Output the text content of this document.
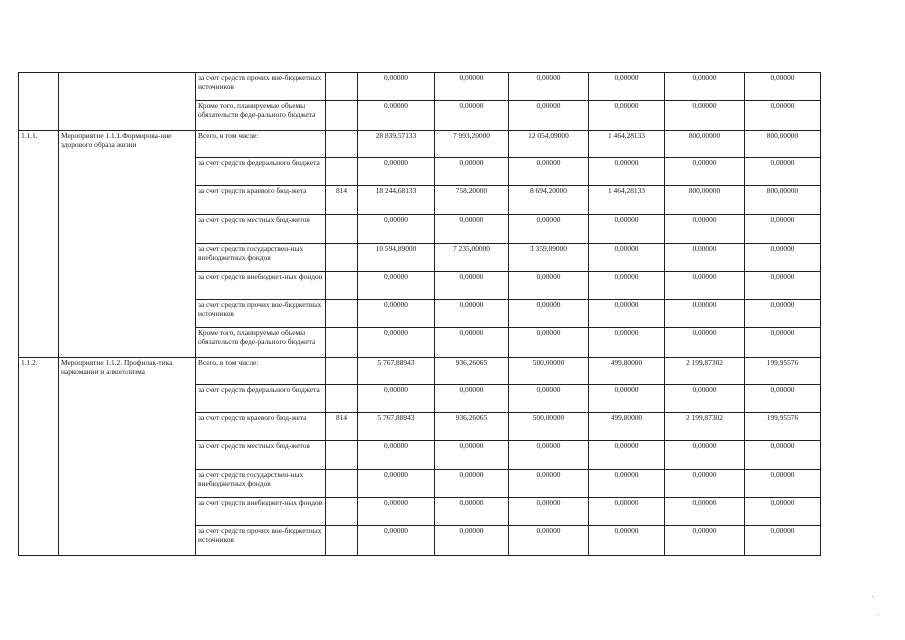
		за счет средств прочих вне-бюджетных источников		0,00000	0,00000	0,00000	0,00000	0,00000	0,00000
		Кроме того, планируемые объемы обязательств феде-рального бюджета		0,00000	0,00000	0,00000	0,00000	0,00000	0,00000
1.1.1.	Мероприятие 1.1.1.Формирова-ние здорового образа жизни	Всего, в том числе:		28 839,57133	7 993,20000	12 054,09000	1 464,28133	800,00000	800,00000
		за счет средств федерального бюджета		0,00000	0,00000	0,00000	0,00000	0,00000	0,00000
		за счет средств краевого бюд-жета	814	18 244,68133	758,20000	8 694,20000	1 464,28133	800,00000	800,00000
		за счет средств местных бюд-жетов		0,00000	0,00000	0,00000	0,00000	0,00000	0,00000
		за счет средств государствен-ных внебюджетных фондов		10 594,89000	7 235,00000	3 359,89000	0,00000	0,00000	0,00000
		за счет средств внебюджет-ных фондов		0,00000	0,00000	0,00000	0,00000	0,00000	0,00000
		за счет средств прочих вне-бюджетных источников		0,00000	0,00000	0,00000	0,00000	0,00000	0,00000
		Кроме того, планируемые объемы обязательств феде-рального бюджета		0,00000	0,00000	0,00000	0,00000	0,00000	0,00000
1.1.2.	Мероприятие 1.1.2. Профилак-тика наркомании и алкоголизма	Всего, в том числе:		5 767,88943	936,26065	500,00000	499,80000	2 199,87302	199,95576
		за счет средств федерального бюджета		0,00000	0,00000	0,00000	0,00000	0,00000	0,00000
		за счет средств краевого бюд-жета	814	5 767,88943	936,26065	500,00000	499,80000	2 199,87302	199,95576
		за счет средств местных бюд-жетов		0,00000	0,00000	0,00000	0,00000	0,00000	0,00000
		за счет средств государствен-ных внебюджетных фондов		0,00000	0,00000	0,00000	0,00000	0,00000	0,00000
		за счет средств внебюджет-ных фондов		0,00000	0,00000	0,00000	0,00000	0,00000	0,00000
		за счет средств прочих вне-бюджетных источников		0,00000	0,00000	0,00000	0,00000	0,00000	0,00000
